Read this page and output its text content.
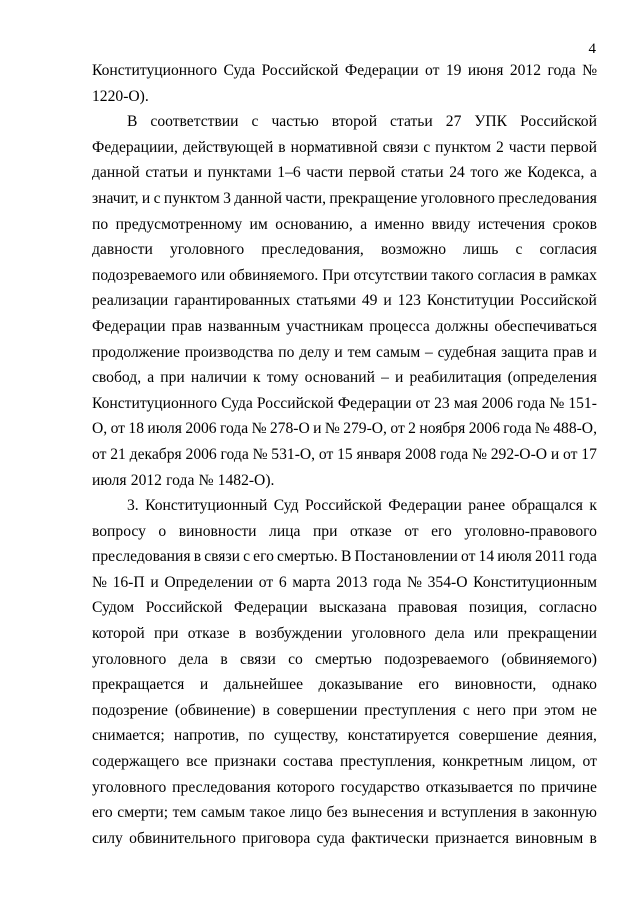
4
Конституционного Суда Российской Федерации от 19 июня 2012 года №
1220-О).
В соответствии с частью второй статьи 27 УПК Российской
Федерациии, действующей в нормативной связи с пунктом 2 части первой
данной статьи и пунктами 1–6 части первой статьи 24 того же Кодекса, а
значит, и с пунктом 3 данной части, прекращение уголовного преследования
по предусмотренному им основанию, а именно ввиду истечения сроков
давности уголовного преследования, возможно лишь с согласия
подозреваемого или обвиняемого. При отсутствии такого согласия в рамках
реализации гарантированных статьями 49 и 123 Конституции Российской
Федерации прав названным участникам процесса должны обеспечиваться
продолжение производства по делу и тем самым – судебная защита прав и
свобод, а при наличии к тому оснований – и реабилитация (определения
Конституционного Суда Российской Федерации от 23 мая 2006 года № 151-
О, от 18 июля 2006 года № 278-О и № 279-О, от 2 ноября 2006 года № 488-О,
от 21 декабря 2006 года № 531-О, от 15 января 2008 года № 292-О-О и от 17
июля 2012 года № 1482-О).
3. Конституционный Суд Российской Федерации ранее обращался к
вопросу о виновности лица при отказе от его уголовно-правового
преследования в связи с его смертью. В Постановлении от 14 июля 2011 года
№ 16-П и Определении от 6 марта 2013 года № 354-О Конституционным
Судом Российской Федерации высказана правовая позиция, согласно
которой при отказе в возбуждении уголовного дела или прекращении
уголовного дела в связи со смертью подозреваемого (обвиняемого)
прекращается и дальнейшее доказывание его виновности, однако
подозрение (обвинение) в совершении преступления с него при этом не
снимается; напротив, по существу, констатируется совершение деяния,
содержащего все признаки состава преступления, конкретным лицом, от
уголовного преследования которого государство отказывается по причине
его смерти; тем самым такое лицо без вынесения и вступления в законную
силу обвинительного приговора суда фактически признается виновным в
